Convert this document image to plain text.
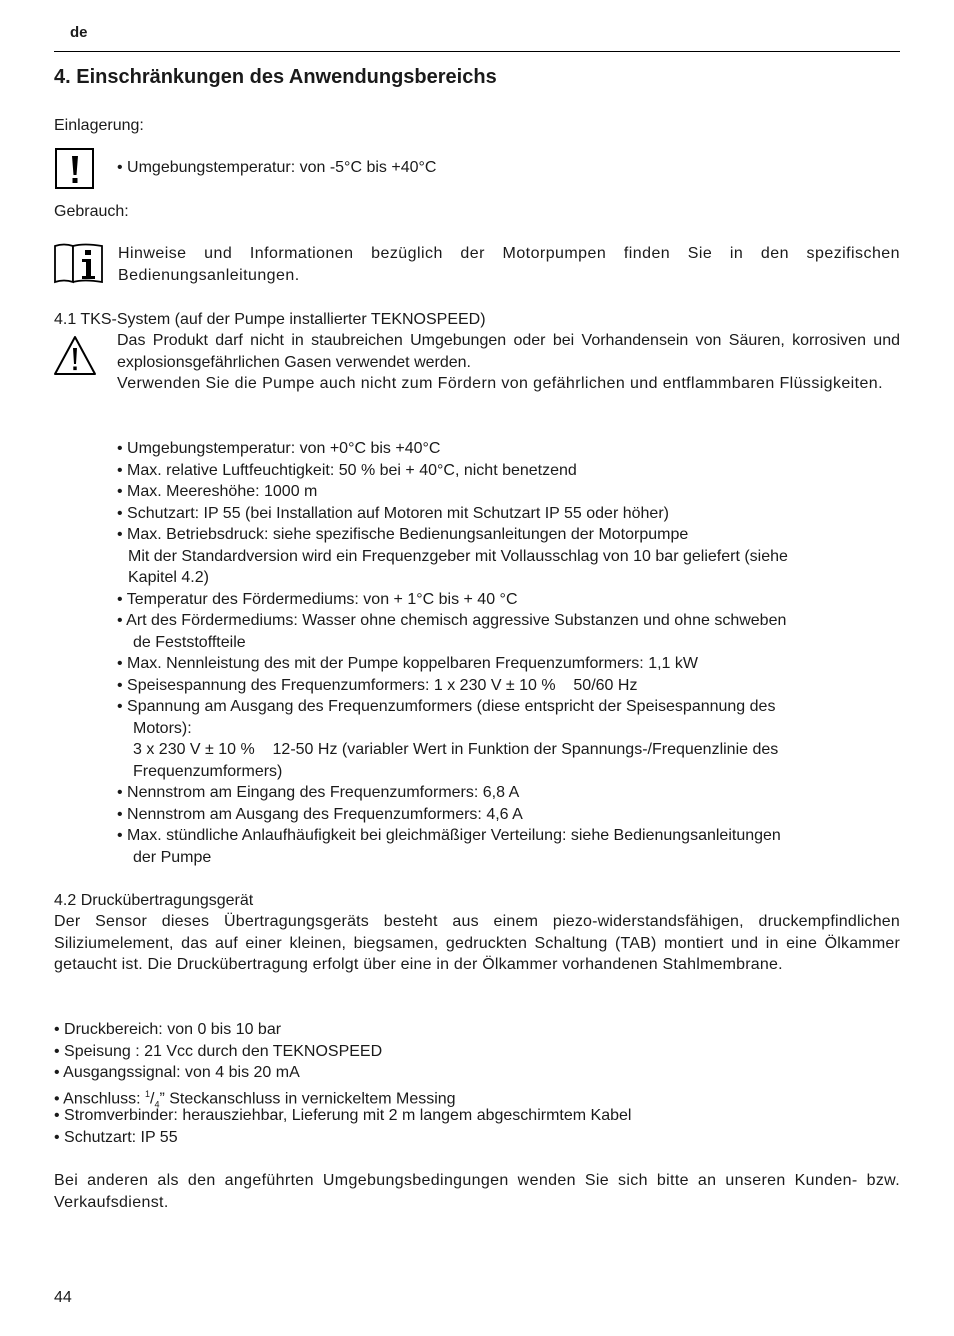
de
4. Einschränkungen des Anwendungsbereichs
Einlagerung:
• Umgebungstemperatur: von -5°C bis +40°C
Gebrauch:
Hinweise und Informationen bezüglich der Motorpumpen finden Sie in den spezifischen Bedienungsanleitungen.
4.1 TKS-System (auf der Pumpe installierter TEKNOSPEED)
Das Produkt darf nicht in staubreichen Umgebungen oder bei Vorhandensein von Säuren, korrosiven und explosionsgefährlichen Gasen verwendet werden.
Verwenden Sie die Pumpe auch nicht zum Fördern von gefährlichen und entflammbaren Flüssigkeiten.
• Umgebungstemperatur: von +0°C bis +40°C
• Max. relative Luftfeuchtigkeit: 50 % bei + 40°C, nicht benetzend
• Max. Meereshöhe: 1000 m
• Schutzart: IP 55 (bei Installation auf Motoren mit Schutzart IP 55 oder höher)
• Max. Betriebsdruck: siehe spezifische Bedienungsanleitungen der Motorpumpe
Mit der Standardversion wird ein Frequenzgeber mit Vollausschlag von 10 bar geliefert (siehe
Kapitel 4.2)
• Temperatur des Fördermediums: von + 1°C bis + 40 °C
• Art des Fördermediums: Wasser ohne chemisch aggressive Substanzen und ohne schweben
de Feststoffteile
• Max. Nennleistung des mit der Pumpe koppelbaren Frequenzumformers: 1,1 kW
• Speisespannung des Frequenzumformers: 1 x 230 V ± 10 %    50/60 Hz
• Spannung am Ausgang des Frequenzumformers (diese entspricht der Speisespannung des
Motors):
3 x 230 V ± 10 %    12-50 Hz (variabler Wert in Funktion der Spannungs-/Frequenzlinie des
Frequenzumformers)
• Nennstrom am Eingang des Frequenzumformers: 6,8 A
• Nennstrom am Ausgang des Frequenzumformers: 4,6 A
• Max. stündliche Anlaufhäufigkeit bei gleichmäßiger Verteilung: siehe Bedienungsanleitungen
der Pumpe
4.2 Druckübertragungsgerät
Der Sensor dieses Übertragungsgeräts besteht aus einem piezo-widerstandsfähigen, druckempfindlichen Siliziumelement, das auf einer kleinen, biegsamen, gedruckten Schaltung (TAB) montiert und in eine Ölkammer getaucht ist. Die Druckübertragung erfolgt über eine in der Ölkammer vorhandenen Stahlmembrane.
• Druckbereich: von 0 bis 10 bar
• Speisung : 21 Vcc durch den TEKNOSPEED
• Ausgangssignal: von 4 bis 20 mA
• Anschluss: $^1/_4$” Steckanschluss in vernickeltem Messing
• Stromverbinder: herausziehbar, Lieferung mit 2 m langem abgeschirmtem Kabel
• Schutzart: IP 55
Bei anderen als den angeführten Umgebungsbedingungen wenden Sie sich bitte an unseren Kunden- bzw. Verkaufsdienst.
44
